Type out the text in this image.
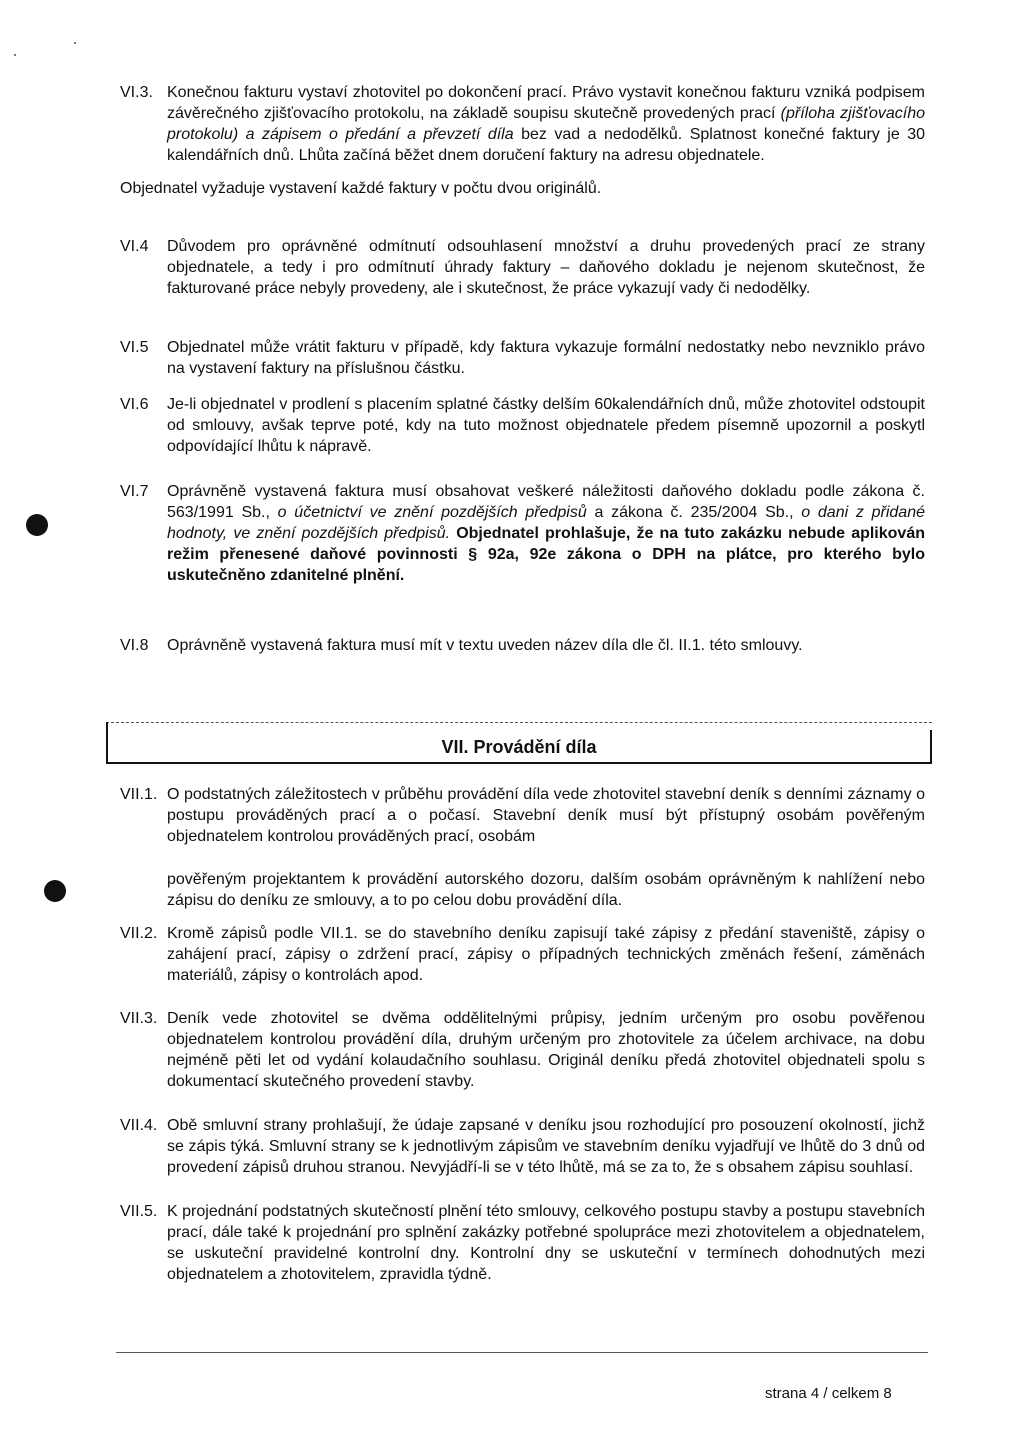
VI.3. Konečnou fakturu vystaví zhotovitel po dokončení prací. Právo vystavit konečnou fakturu vzniká podpisem závěrečného zjišťovacího protokolu, na základě soupisu skutečně provedených prací (příloha zjišťovacího protokolu) a zápisem o předání a převzetí díla bez vad a nedodělků. Splatnost konečné faktury je 30 kalendářních dnů. Lhůta začíná běžet dnem doručení faktury na adresu objednatele.

Objednatel vyžaduje vystavení každé faktury v počtu dvou originálů.

VI.4 Důvodem pro oprávněné odmítnutí odsouhlasení množství a druhu provedených prací ze strany objednatele, a tedy i pro odmítnutí úhrady faktury – daňového dokladu je nejenom skutečnost, že fakturované práce nebyly provedeny, ale i skutečnost, že práce vykazují vady či nedodělky.
VI.5 Objednatel může vrátit fakturu v případě, kdy faktura vykazuje formální nedostatky nebo nevzniklo právo na vystavení faktury na příslušnou částku.
VI.6 Je-li objednatel v prodlení s placením splatné částky delším 60kalendářních dnů, může zhotovitel odstoupit od smlouvy, avšak teprve poté, kdy na tuto možnost objednatele předem písemně upozornil a poskytl odpovídající lhůtu k nápravě.
VI.7 Oprávněně vystavená faktura musí obsahovat veškeré náležitosti daňového dokladu podle zákona č. 563/1991 Sb., o účetnictví ve znění pozdějších předpisů a zákona č. 235/2004 Sb., o dani z přidané hodnoty, ve znění pozdějších předpisů. Objednatel prohlašuje, že na tuto zakázku nebude aplikován režim přenesené daňové povinnosti § 92a, 92e zákona o DPH na plátce, pro kterého bylo uskutečněno zdanitelné plnění.
VI.8 Oprávněně vystavená faktura musí mít v textu uveden název díla dle čl. II.1. této smlouvy.
VII. Provádění díla
VII.1. O podstatných záležitostech v průběhu provádění díla vede zhotovitel stavební deník s denními záznamy o postupu prováděných prací a o počasí. Stavební deník musí být přístupný osobám pověřeným objednatelem kontrolou prováděných prací, osobám
pověřeným projektantem k provádění autorského dozoru, dalším osobám oprávněným k nahlížení nebo zápisu do deníku ze smlouvy, a to po celou dobu provádění díla.
VII.2. Kromě zápisů podle VII.1. se do stavebního deníku zapisují také zápisy z předání staveniště, zápisy o zahájení prací, zápisy o zdržení prací, zápisy o případných technických změnách řešení, záměnách materiálů, zápisy o kontrolách apod.
VII.3. Deník vede zhotovitel se dvěma oddělitelnými průpisy, jedním určeným pro osobu pověřenou objednatelem kontrolou provádění díla, druhým určeným pro zhotovitele za účelem archivace, na dobu nejméně pěti let od vydání kolaudačního souhlasu. Originál deníku předá zhotovitel objednateli spolu s dokumentací skutečného provedení stavby.
VII.4. Obě smluvní strany prohlašují, že údaje zapsané v deníku jsou rozhodující pro posouzení okolností, jichž se zápis týká. Smluvní strany se k jednotlivým zápisům ve stavebním deníku vyjadřují ve lhůtě do 3 dnů od provedení zápisů druhou stranou. Nevyjádří-li se v této lhůtě, má se za to, že s obsahem zápisu souhlasí.
VII.5. K projednání podstatných skutečností plnění této smlouvy, celkového postupu stavby a postupu stavebních prací, dále také k projednání pro splnění zakázky potřebné spolupráce mezi zhotovitelem a objednatelem, se uskuteční pravidelné kontrolní dny. Kontrolní dny se uskuteční v termínech dohodnutých mezi objednatelem a zhotovitelem, zpravidla týdně.
strana 4 / celkem 8
